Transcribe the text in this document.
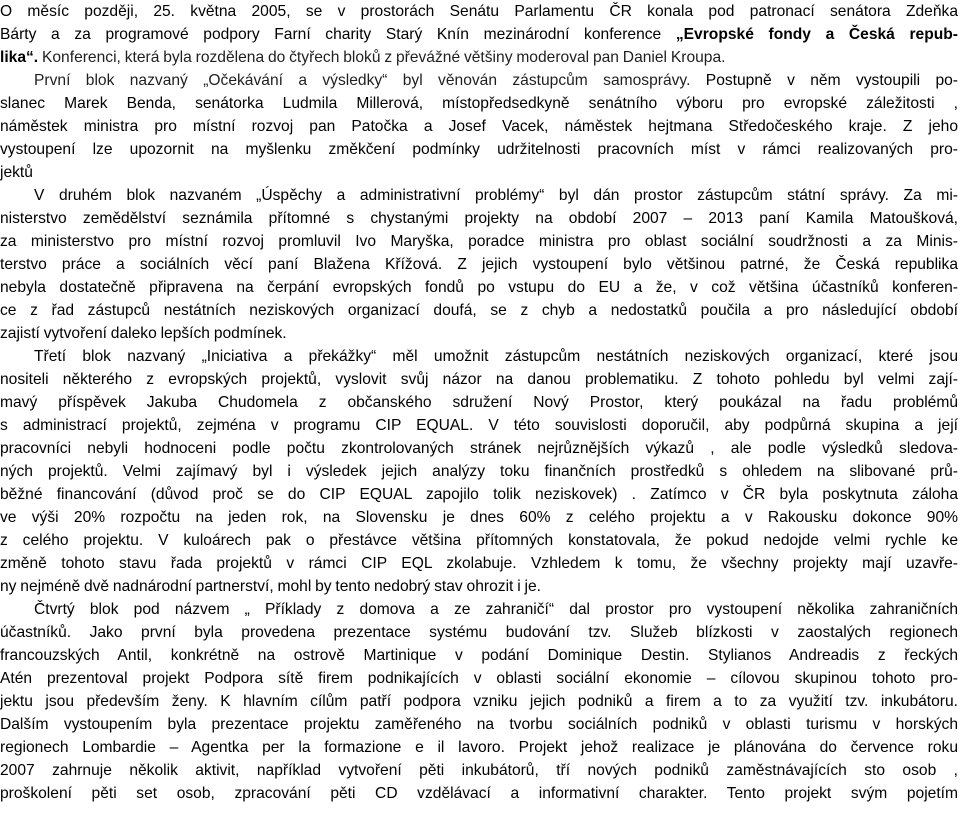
O měsíc později, 25. května 2005, se v prostorách Senátu Parlamentu ČR konala pod patronací senátora Zdeňka
Bárty a za programové podpory Farní charity Starý Knín mezinárodní konference „Evropské fondy a Česká repub-
lika“. Konferenci, která byla rozdělena do čtyřech bloků z převážné většiny moderoval pan Daniel Kroupa.
První blok nazvaný „Očekávání a výsledky“ byl věnován zástupcům samosprávy. Postupně v něm vystoupili po-
slanec Marek Benda, senátorka Ludmila Millerová, místopředsedkyně senátního výboru pro evropské záležitosti ,
náměstek ministra pro místní rozvoj pan Patočka a Josef Vacek, náměstek hejtmana Středočeského kraje. Z jeho
vystoupení lze upozornit na myšlenku změkčení podmínky udržitelnosti pracovních míst v rámci realizovaných pro-
jektů
V druhém blok nazvaném „Úspěchy a administrativní problémy“ byl dán prostor zástupcům státní správy. Za mi-
nisterstvo zemědělství seznámila přítomné s chystanými projekty na období 2007 – 2013 paní Kamila Matoušková,
za ministerstvo pro místní rozvoj promluvil Ivo Maryška, poradce ministra pro oblast sociální soudržnosti a za Minis-
terstvo práce a sociálních věcí paní Blažena Křížová. Z jejich vystoupení bylo většinou patrné, že Česká republika
nebyla dostatečně připravena na čerpání evropských fondů po vstupu do EU a že, v což většina účastníků konferen-
ce z řad zástupců nestátních neziskových organizací doufá, se z chyb a nedostatků poučila a pro následující období
zajistí vytvoření daleko lepších podmínek.
Třetí blok nazvaný „Iniciativa a překážky“ měl umožnit zástupcům nestátních neziskových organizací, které jsou
nositeli některého z evropských projektů, vyslovit svůj názor na danou problematiku. Z tohoto pohledu byl velmi zají-
mavý příspěvek Jakuba Chudomela z občanského sdružení Nový Prostor, který poukázal na řadu problémů
s administrací projektů, zejména v programu CIP EQUAL. V této souvislosti doporučil, aby podpůrná skupina a její
pracovníci nebyli hodnoceni podle počtu zkontrolovaných stránek nejrůznějších výkazů , ale podle výsledků sledova-
ných projektů. Velmi zajímavý byl i výsledek jejich analýzy toku finančních prostředků s ohledem na slibované prů-
běžné financování (důvod proč se do CIP EQUAL zapojilo tolik neziskovek) . Zatímco v ČR byla poskytnuta záloha
ve výši 20% rozpočtu na jeden rok, na Slovensku je dnes 60% z celého projektu a v Rakousku dokonce 90%
z celého projektu. V kuloárech pak o přestávce většina přítomných konstatovala, že pokud nedojde velmi rychle ke
změně tohoto stavu řada projektů v rámci CIP EQL zkolabuje. Vzhledem k tomu, že všechny projekty mají uzavře-
ny nejméně dvě nadnárodní partnerství, mohl by tento nedobrý stav ohrozit i je.
Čtvrtý blok pod názvem „ Příklady z domova a ze zahraničí“ dal prostor pro vystoupení několika zahraničních
účastníků. Jako první byla provedena prezentace systému budování tzv. Služeb blízkosti v zaostalých regionech
francouzských Antil, konkrétně na ostrově Martinique v podání Dominique Destin. Stylianos Andreadis z řeckých
Atén prezentoval projekt Podpora sítě firem podnikajících v oblasti sociální ekonomie – cílovou skupinou tohoto pro-
jektu jsou především ženy. K hlavním cílům patří podpora vzniku jejich podniků a firem a to za využití tzv. inkubátoru.
Dalším vystoupením byla prezentace projektu zaměřeného na tvorbu sociálních podniků v oblasti turismu v horských
regionech Lombardie – Agentka per la formazione e il lavoro. Projekt jehož realizace je plánována do července roku
2007 zahrnuje několik aktivit, například vytvoření pěti inkubátorů, tří nových podniků zaměstnávajících sto osob ,
proškolení pěti set osob, zpracování pěti CD vzdělávací a informativní charakter. Tento projekt svým pojetím
